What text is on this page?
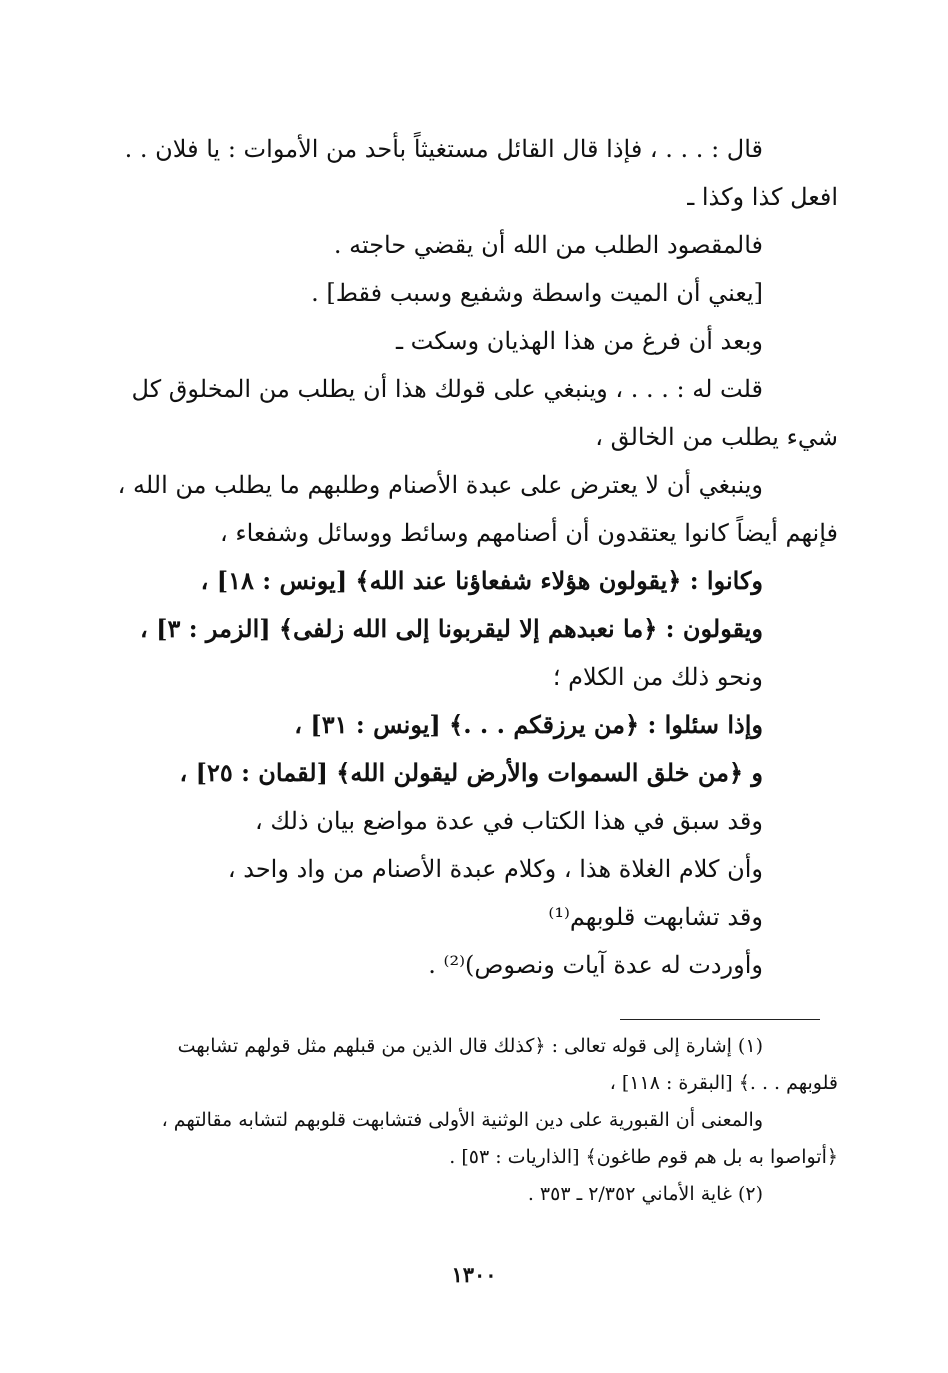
قال : . . . ، فإذا قال القائل مستغيثاً بأحد من الأموات : يا فلان . .
افعل كذا وكذا ـ
فالمقصود الطلب من الله أن يقضي حاجته .
[يعني أن الميت واسطة وشفيع وسبب فقط] .
وبعد أن فرغ من هذا الهذيان وسكت ـ
قلت له : . . . ، وينبغي على قولك هذا أن يطلب من المخلوق كل
شيء يطلب من الخالق ،
وينبغي أن لا يعترض على عبدة الأصنام وطلبهم ما يطلب من الله ،
فإنهم أيضاً كانوا يعتقدون أن أصنامهم وسائط ووسائل وشفعاء ،
وكانوا : ﴿يقولون هؤلاء شفعاؤنا عند الله﴾ [يونس : ١٨] ،
ويقولون : ﴿ما نعبدهم إلا ليقربونا إلى الله زلفى﴾ [الزمر : ٣] ،
ونحو ذلك من الكلام ؛
وإذا سئلوا : ﴿من يرزقكم . . .﴾ [يونس : ٣١] ،
و ﴿من خلق السموات والأرض ليقولن الله﴾ [لقمان : ٢٥] ،
وقد سبق في هذا الكتاب في عدة مواضع بيان ذلك ،
وأن كلام الغلاة هذا ، وكلام عبدة الأصنام من واد واحد ،
وقد تشابهت قلوبهم⁽¹⁾
وأوردت له عدة آيات ونصوص)⁽²⁾ .
(١) إشارة إلى قوله تعالى : ﴿كذلك قال الذين من قبلهم مثل قولهم تشابهت
قلوبهم . . .﴾ [البقرة : ١١٨] ،
والمعنى أن القبورية على دين الوثنية الأولى فتشابهت قلوبهم لتشابه مقالتهم ،
﴿أتواصوا به بل هم قوم طاغون﴾ [الذاريات : ٥٣] .
(٢) غاية الأماني ٢/٣٥٢ ـ ٣٥٣ .
١٣٠٠
